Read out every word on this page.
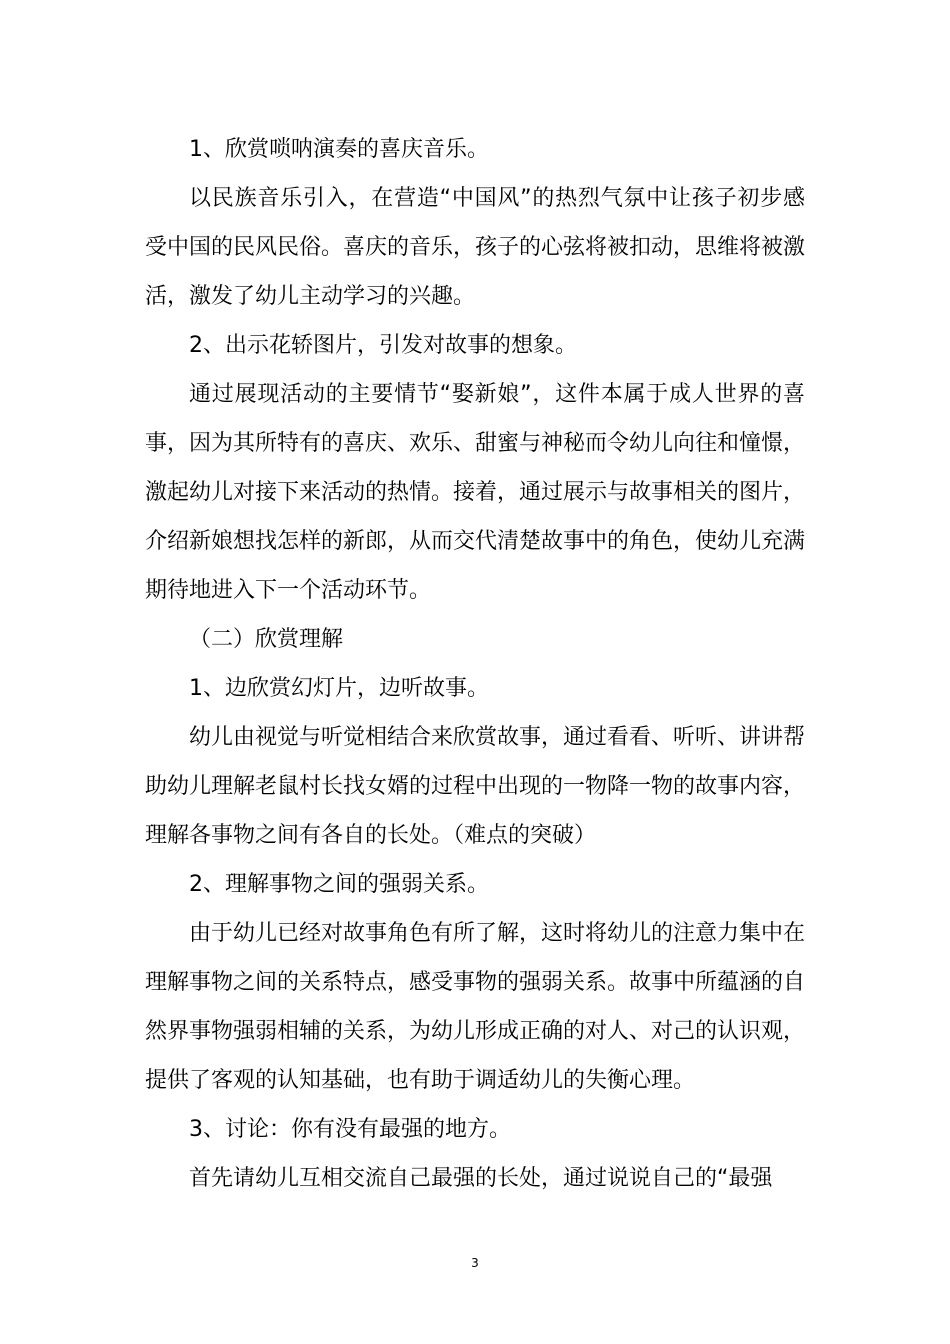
1、欣赏唢呐演奏的喜庆音乐。

以民族音乐引入，在营造“中国风”的热烈气氛中让孩子初步感受中国的民风民俗。喜庆的音乐，孩子的心弦将被扣动，思维将被激活，激发了幼儿主动学习的兴趣。

2、出示花轿图片，引发对故事的想象。

通过展现活动的主要情节“娶新娘”，这件本属于成人世界的喜事，因为其所特有的喜庆、欢乐、甜蜜与神秘而令幼儿向往和憧憬，激起幼儿对接下来活动的热情。接着，通过展示与故事相关的图片，介绍新娘想找怎样的新郎，从而交代清楚故事中的角色，使幼儿充满期待地进入下一个活动环节。

（二）欣赏理解

1、边欣赏幻灯片，边听故事。

幼儿由视觉与听觉相结合来欣赏故事，通过看看、听听、讲讲帮助幼儿理解老鼠村长找女婿的过程中出现的一物降一物的故事内容，理解各事物之间有各自的长处。（难点的突破）

2、理解事物之间的强弱关系。

由于幼儿已经对故事角色有所了解，这时将幼儿的注意力集中在理解事物之间的关系特点，感受事物的强弱关系。故事中所蕴涵的自然界事物强弱相辅的关系，为幼儿形成正确的对人、对己的认识观，提供了客观的认知基础，也有助于调适幼儿的失衡心理。

3、讨论：你有没有最强的地方。

首先请幼儿互相交流自己最强的长处，通过说说自己的“最强

3
